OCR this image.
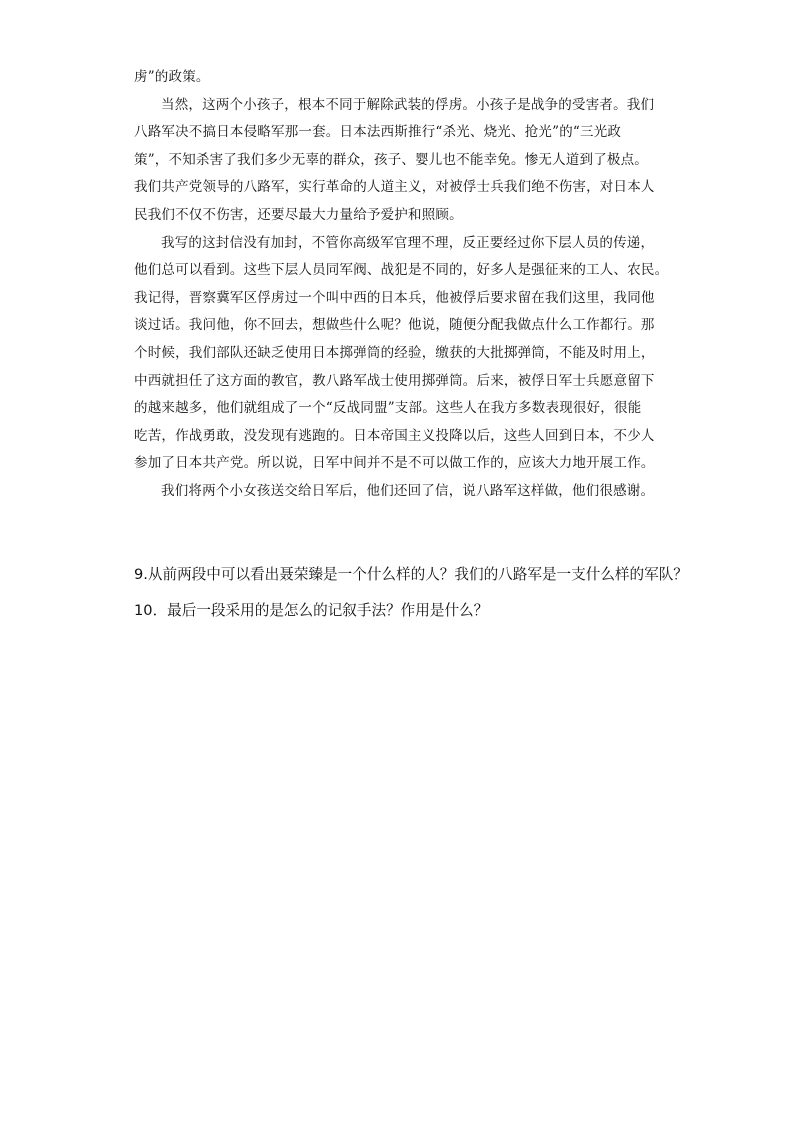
虏”的政策。
当然，这两个小孩子，根本不同于解除武装的俘虏。小孩子是战争的受害者。我们
八路军决不搞日本侵略军那一套。日本法西斯推行“杀光、烧光、抢光”的“三光政
策”，不知杀害了我们多少无辜的群众，孩子、婴儿也不能幸免。惨无人道到了极点。
我们共产党领导的八路军，实行革命的人道主义，对被俘士兵我们绝不伤害，对日本人
民我们不仅不伤害，还要尽最大力量给予爱护和照顾。
我写的这封信没有加封，不管你高级军官理不理，反正要经过你下层人员的传递，
他们总可以看到。这些下层人员同军阀、战犯是不同的，好多人是强征来的工人、农民。
我记得，晋察冀军区俘虏过一个叫中西的日本兵，他被俘后要求留在我们这里，我同他
谈过话。我问他，你不回去，想做些什么呢？他说，随便分配我做点什么工作都行。那
个时候，我们部队还缺乏使用日本掷弹筒的经验，缴获的大批掷弹筒，不能及时用上，
中西就担任了这方面的教官，教八路军战士使用掷弹筒。后来，被俘日军士兵愿意留下
的越来越多，他们就组成了一个“反战同盟”支部。这些人在我方多数表现很好，很能
吃苦，作战勇敢，没发现有逃跑的。日本帝国主义投降以后，这些人回到日本，不少人
参加了日本共产党。所以说，日军中间并不是不可以做工作的，应该大力地开展工作。
我们将两个小女孩送交给日军后，他们还回了信，说八路军这样做，他们很感谢。
9.从前两段中可以看出聂荣臻是一个什么样的人？我们的八路军是一支什么样的军队？
10．最后一段采用的是怎么的记叙手法？作用是什么？
